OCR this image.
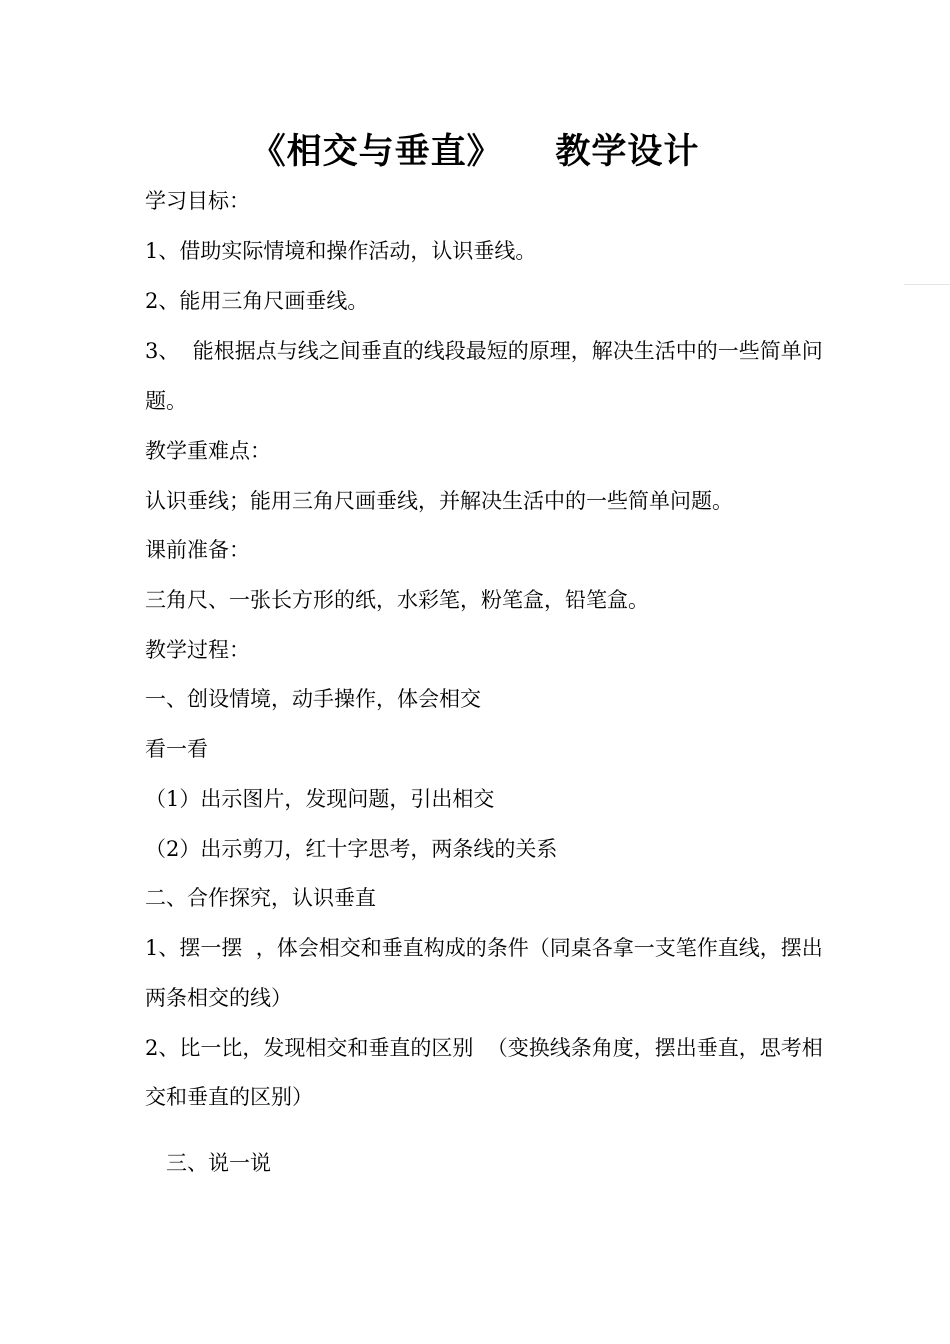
《相交与垂直》    教学设计
学习目标：
1、借助实际情境和操作活动，认识垂线。
2、能用三角尺画垂线。
3、  能根据点与线之间垂直的线段最短的原理，解决生活中的一些简单问
题。
教学重难点：
认识垂线；能用三角尺画垂线，并解决生活中的一些简单问题。
课前准备：
三角尺、一张长方形的纸，水彩笔，粉笔盒，铅笔盒。
教学过程：
一、创设情境，动手操作，体会相交
看一看
（1）出示图片，发现问题，引出相交
（2）出示剪刀，红十字思考，两条线的关系
二、合作探究，认识垂直
1、摆一摆  ，体会相交和垂直构成的条件（同桌各拿一支笔作直线，摆出
两条相交的线）
2、比一比，发现相交和垂直的区别  （变换线条角度，摆出垂直，思考相
交和垂直的区别）
三、说一说
